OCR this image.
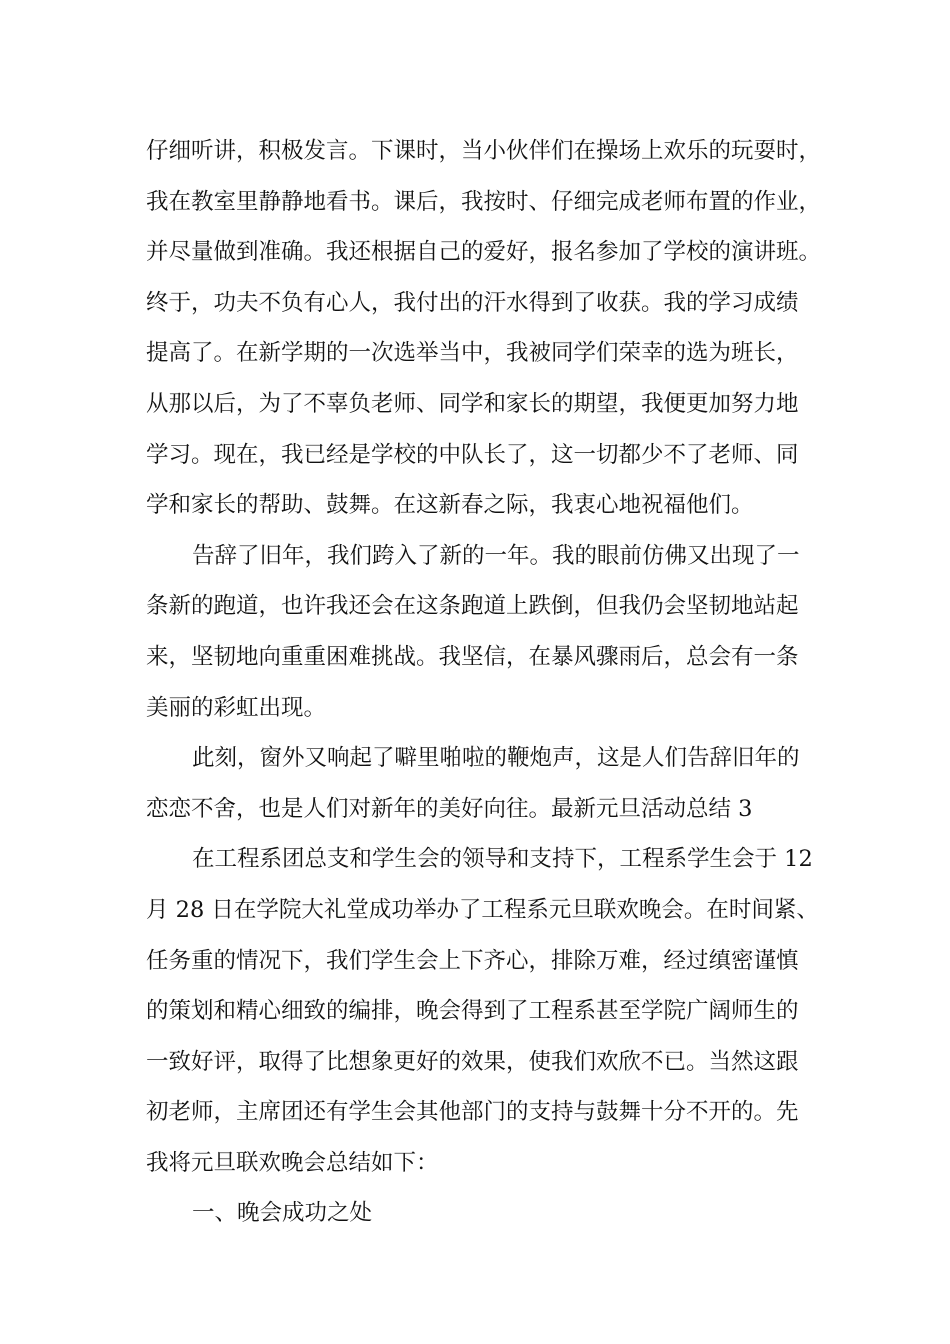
仔细听讲，积极发言。下课时，当小伙伴们在操场上欢乐的玩耍时，
我在教室里静静地看书。课后，我按时、仔细完成老师布置的作业，
并尽量做到准确。我还根据自己的爱好，报名参加了学校的演讲班。
终于，功夫不负有心人，我付出的汗水得到了收获。我的学习成绩
提高了。在新学期的一次选举当中，我被同学们荣幸的选为班长，
从那以后，为了不辜负老师、同学和家长的期望，我便更加努力地
学习。现在，我已经是学校的中队长了，这一切都少不了老师、同
学和家长的帮助、鼓舞。在这新春之际，我衷心地祝福他们。
告辞了旧年，我们跨入了新的一年。我的眼前仿佛又出现了一
条新的跑道，也许我还会在这条跑道上跌倒，但我仍会坚韧地站起
来，坚韧地向重重困难挑战。我坚信，在暴风骤雨后，总会有一条
美丽的彩虹出现。
此刻，窗外又响起了噼里啪啦的鞭炮声，这是人们告辞旧年的
恋恋不舍，也是人们对新年的美好向往。最新元旦活动总结 3
在工程系团总支和学生会的领导和支持下，工程系学生会于 12
月 28 日在学院大礼堂成功举办了工程系元旦联欢晚会。在时间紧、
任务重的情况下，我们学生会上下齐心，排除万难，经过缜密谨慎
的策划和精心细致的编排，晚会得到了工程系甚至学院广阔师生的
一致好评，取得了比想象更好的效果，使我们欢欣不已。当然这跟
初老师，主席团还有学生会其他部门的支持与鼓舞十分不开的。先
我将元旦联欢晚会总结如下：
一、晚会成功之处
